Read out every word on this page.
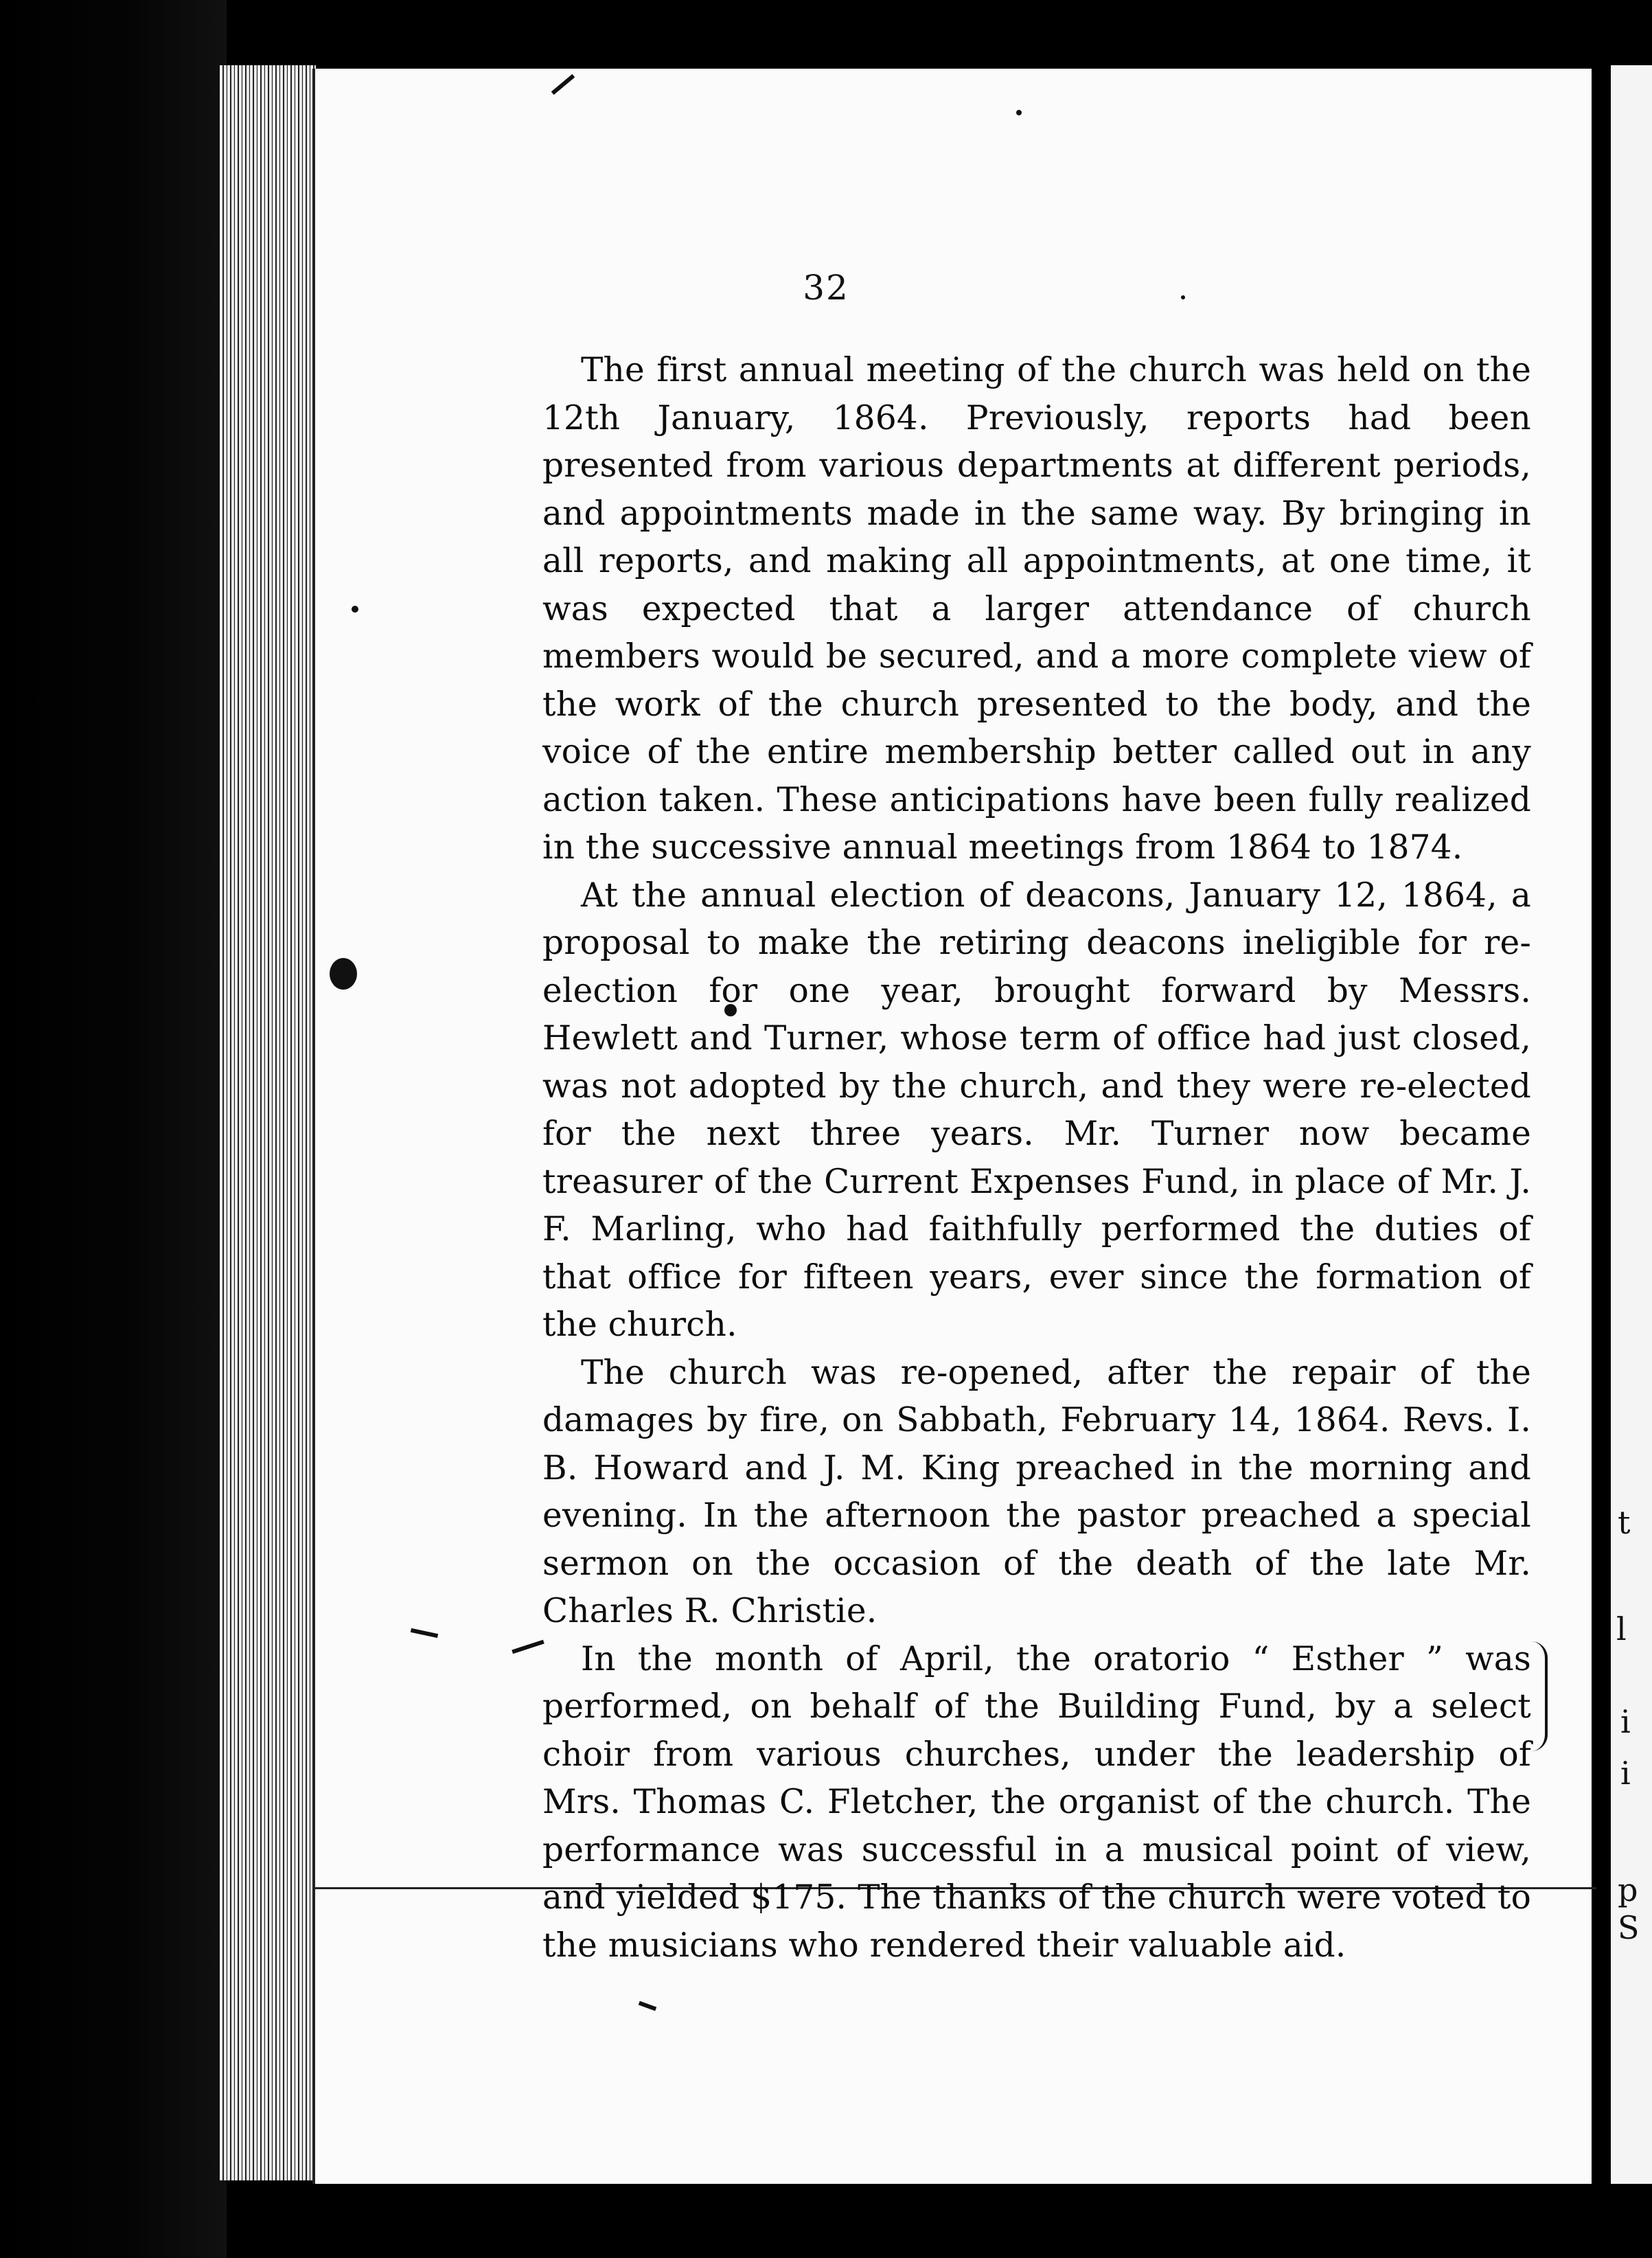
t
l
i
i
p
S
32

The first annual meeting of the church was held on the 12th January, 1864. Previously, reports had been presented from various departments at different periods, and appointments made in the same way. By bringing in all reports, and making all appointments, at one time, it was expected that a larger attendance of church members would be secured, and a more complete view of the work of the church presented to the body, and the voice of the entire membership better called out in any action taken. These anticipations have been fully realized in the successive annual meetings from 1864 to 1874.

At the annual election of deacons, January 12, 1864, a proposal to make the retiring deacons ineligible for re-election for one year, brought forward by Messrs. Hewlett and Turner, whose term of office had just closed, was not adopted by the church, and they were re-elected for the next three years. Mr. Turner now became treasurer of the Current Expenses Fund, in place of Mr. J. F. Marling, who had faithfully performed the duties of that office for fifteen years, ever since the formation of the church.

The church was re-opened, after the repair of the damages by fire, on Sabbath, February 14, 1864. Revs. I. B. Howard and J. M. King preached in the morning and evening. In the afternoon the pastor preached a special sermon on the occasion of the death of the late Mr. Charles R. Christie.

In the month of April, the oratorio “ Esther ” was performed, on behalf of the Building Fund, by a select choir from various churches, under the leadership of Mrs. Thomas C. Fletcher, the organist of the church. The performance was successful in a musical point of view, and yielded $175. The thanks of the church were voted to the musicians who rendered their valuable aid.
